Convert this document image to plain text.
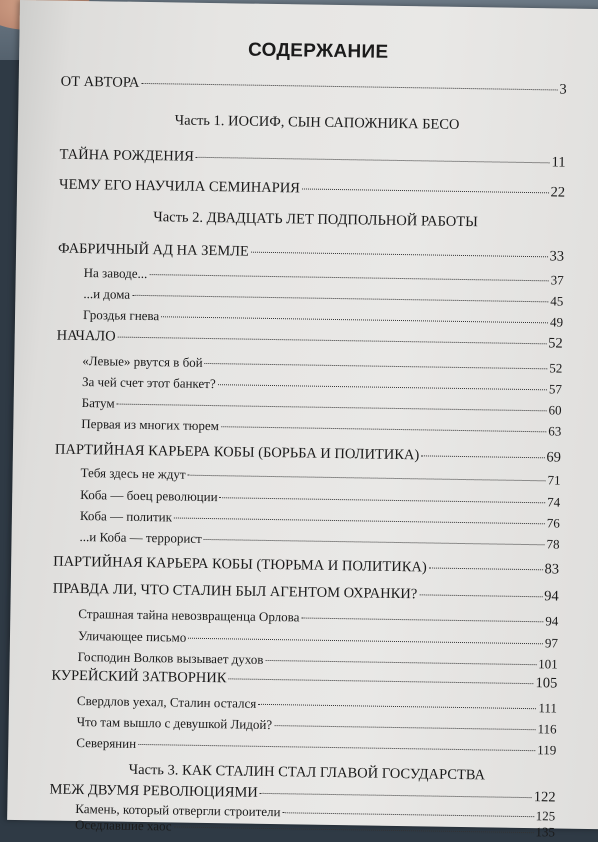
СОДЕРЖАНИЕ
ОТ АВТОРА	3
Часть 1. ИОСИФ, СЫН САПОЖНИКА БЕСО
ТАЙНА РОЖДЕНИЯ	11
ЧЕМУ ЕГО НАУЧИЛА СЕМИНАРИЯ	22
Часть 2. ДВАДЦАТЬ ЛЕТ ПОДПОЛЬНОЙ РАБОТЫ
ФАБРИЧНЫЙ АД НА ЗЕМЛЕ	33
На заводе...	37
...и дома	45
Гроздья гнева	49
НАЧАЛО	52
«Левые» рвутся в бой	52
За чей счет этот банкет?	57
Батум	60
Первая из многих тюрем	63
ПАРТИЙНАЯ КАРЬЕРА КОБЫ (БОРЬБА И ПОЛИТИКА)	69
Тебя здесь не ждут	71
Коба — боец революции	74
Коба — политик	76
...и Коба — террорист	78
ПАРТИЙНАЯ КАРЬЕРА КОБЫ (ТЮРЬМА И ПОЛИТИКА)	83
ПРАВДА ЛИ, ЧТО СТАЛИН БЫЛ АГЕНТОМ ОХРАНКИ?	94
Страшная тайна невозвращенца Орлова	94
Уличающее письмо	97
Господин Волков вызывает духов	101
КУРЕЙСКИЙ ЗАТВОРНИК	105
Свердлов уехал, Сталин остался	111
Что там вышло с девушкой Лидой?	116
Северянин	119
Часть 3. КАК СТАЛИН СТАЛ ГЛАВОЙ ГОСУДАРСТВА
МЕЖ ДВУМЯ РЕВОЛЮЦИЯМИ	122
Камень, который отвергли строители	125
Оседлавшие хаос	135
